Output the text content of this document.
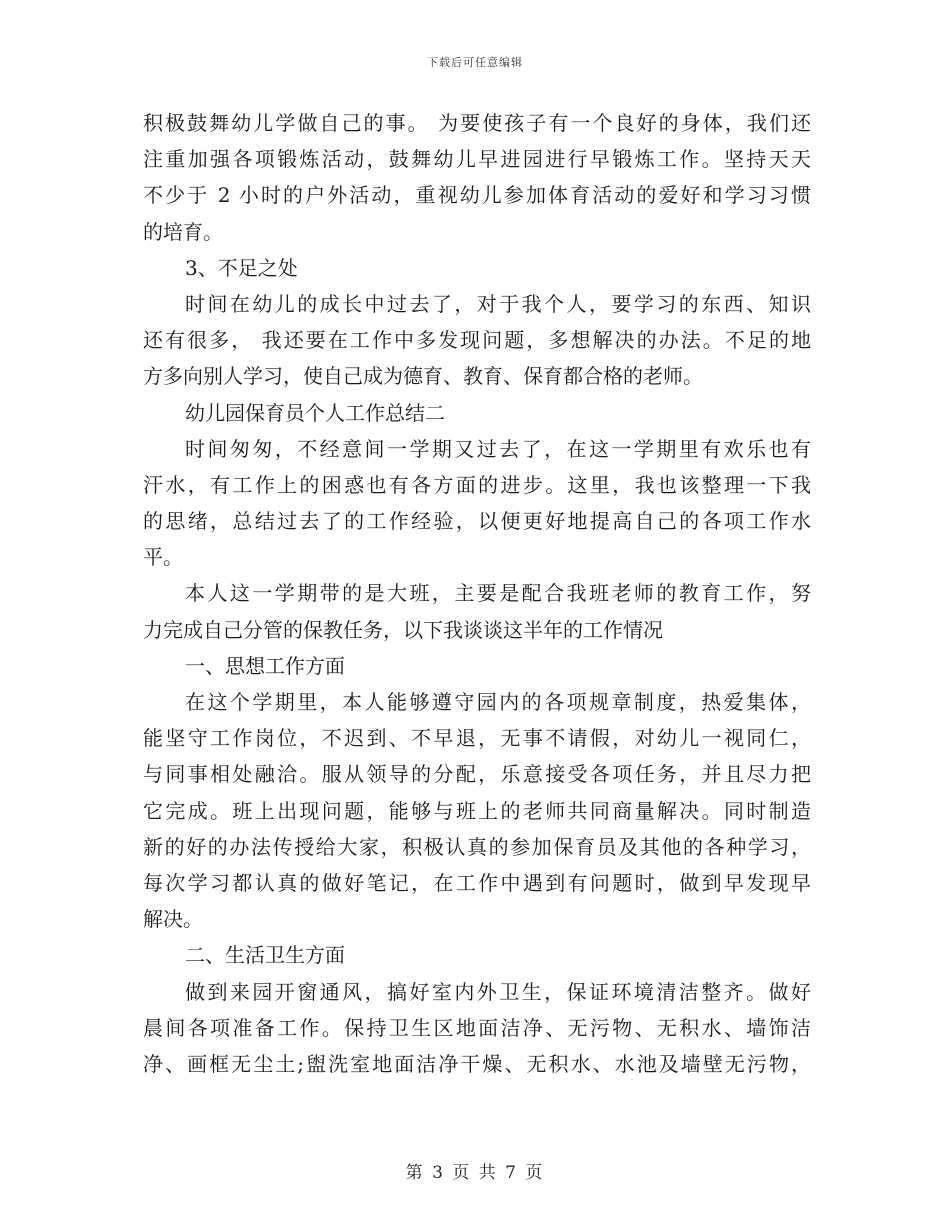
下载后可任意编辑
积极鼓舞幼儿学做自己的事。 为要使孩子有一个良好的身体，我们还
注重加强各项锻炼活动，鼓舞幼儿早进园进行早锻炼工作。坚持天天
不少于 2 小时的户外活动，重视幼儿参加体育活动的爱好和学习习惯
的培育。
3、不足之处
时间在幼儿的成长中过去了，对于我个人，要学习的东西、知识
还有很多， 我还要在工作中多发现问题，多想解决的办法。不足的地
方多向别人学习，使自己成为德育、教育、保育都合格的老师。
幼儿园保育员个人工作总结二
时间匆匆，不经意间一学期又过去了，在这一学期里有欢乐也有
汗水，有工作上的困惑也有各方面的进步。这里，我也该整理一下我
的思绪，总结过去了的工作经验，以便更好地提高自己的各项工作水
平。
本人这一学期带的是大班，主要是配合我班老师的教育工作，努
力完成自己分管的保教任务，以下我谈谈这半年的工作情况
一、思想工作方面
在这个学期里，本人能够遵守园内的各项规章制度，热爱集体，
能坚守工作岗位，不迟到、不早退，无事不请假，对幼儿一视同仁，
与同事相处融洽。服从领导的分配，乐意接受各项任务，并且尽力把
它完成。班上出现问题，能够与班上的老师共同商量解决。同时制造
新的好的办法传授给大家，积极认真的参加保育员及其他的各种学习，
每次学习都认真的做好笔记，在工作中遇到有问题时，做到早发现早
解决。
二、生活卫生方面
做到来园开窗通风，搞好室内外卫生，保证环境清洁整齐。做好
晨间各项准备工作。保持卫生区地面洁净、无污物、无积水、墙饰洁
净、画框无尘土;盥洗室地面洁净干燥、无积水、水池及墙壁无污物，
第 3 页 共 7 页
